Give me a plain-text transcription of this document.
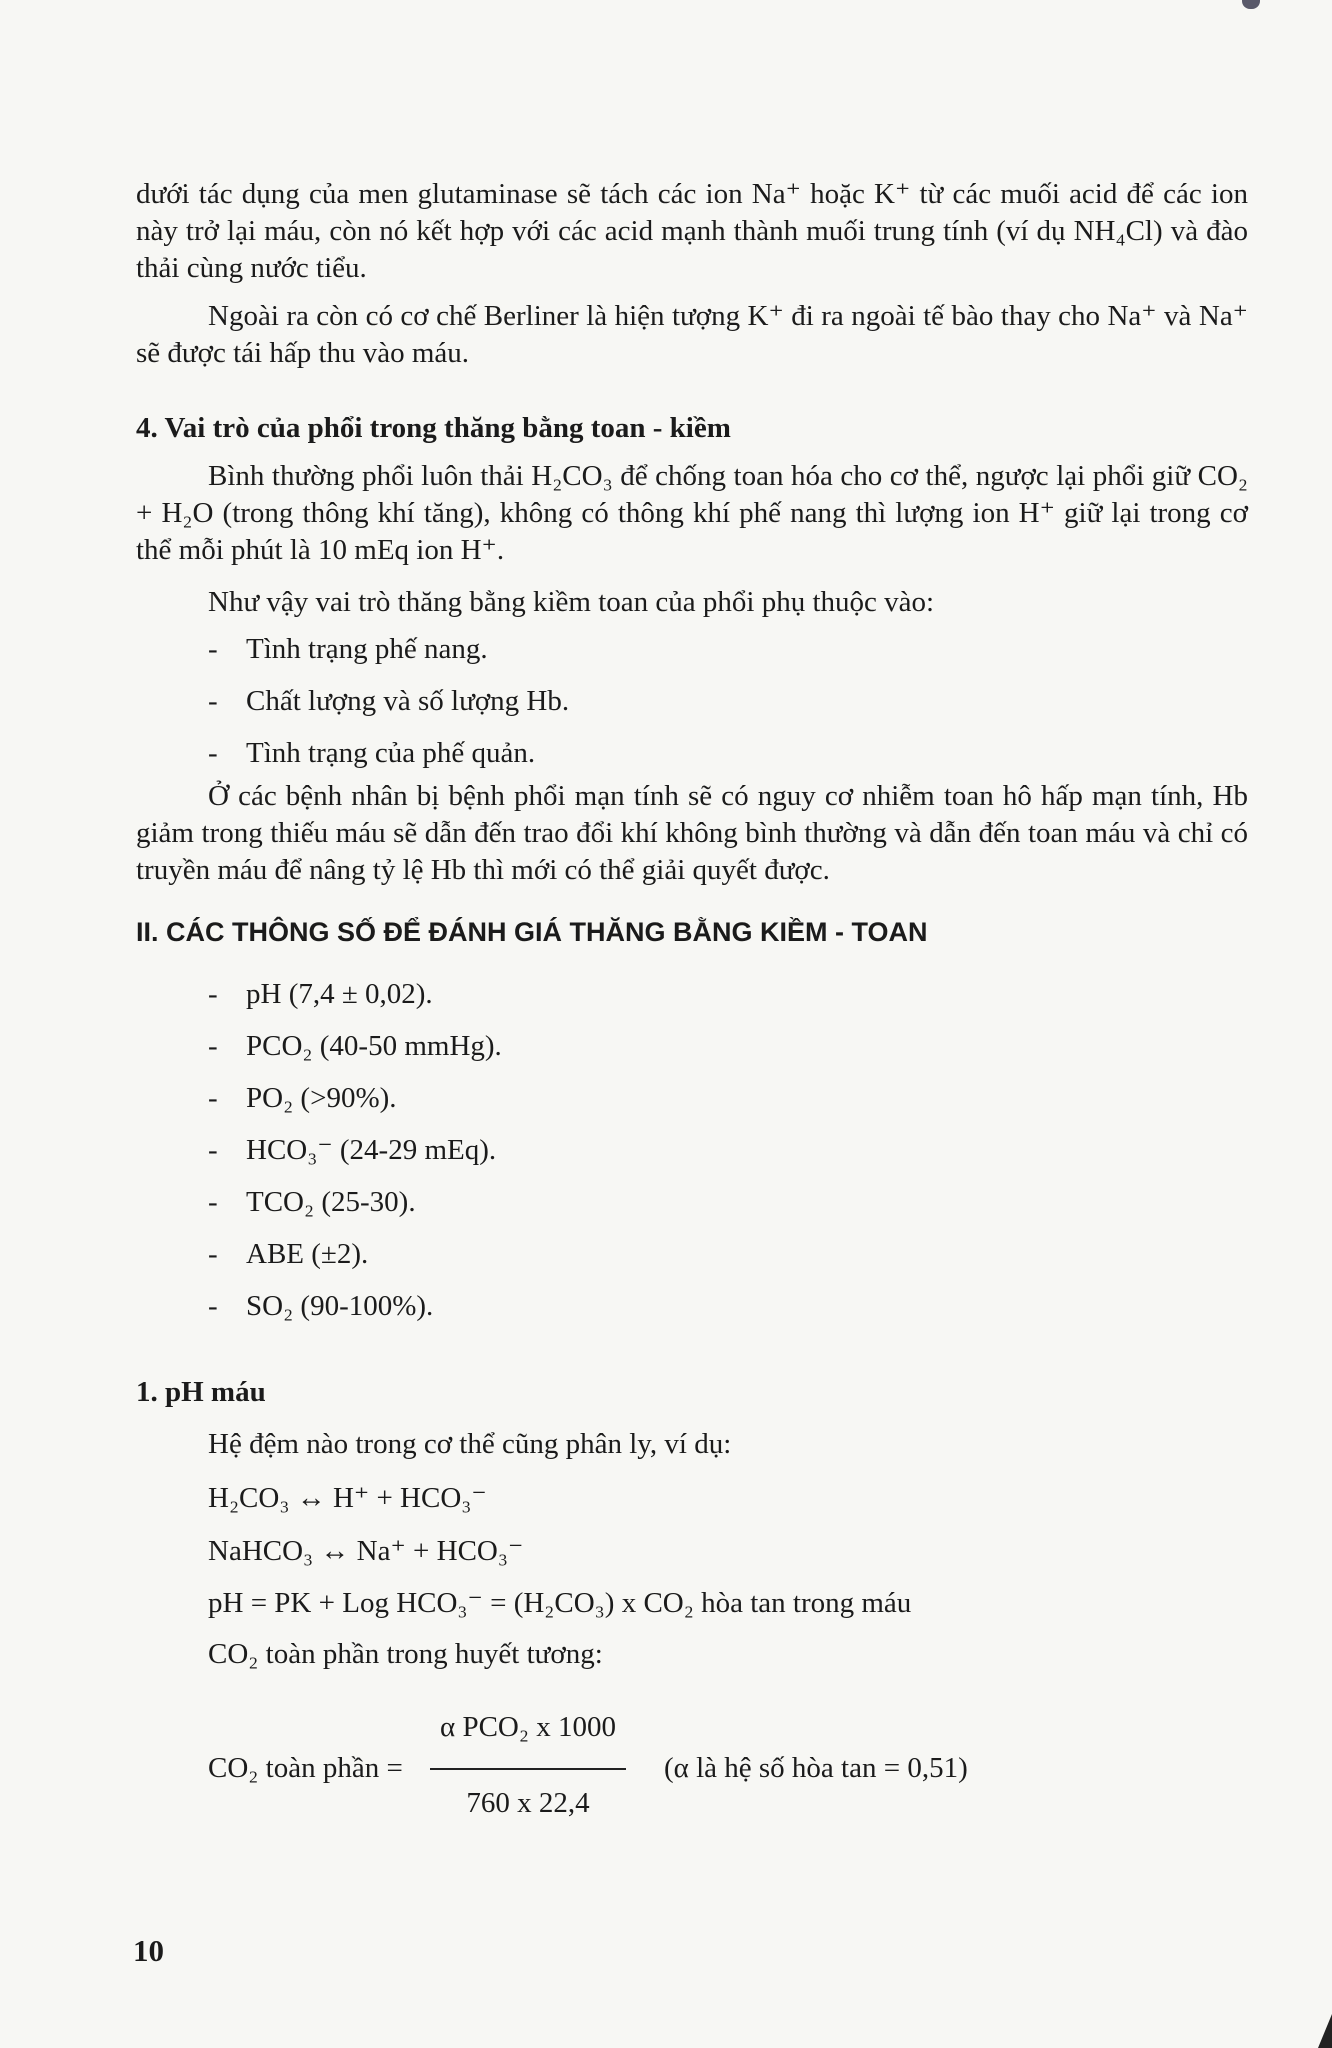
dưới tác dụng của men glutaminase sẽ tách các ion Na⁺ hoặc K⁺ từ các muối acid để các ion này trở lại máu, còn nó kết hợp với các acid mạnh thành muối trung tính (ví dụ NH₄Cl) và đào thải cùng nước tiểu.

Ngoài ra còn có cơ chế Berliner là hiện tượng K⁺ đi ra ngoài tế bào thay cho Na⁺ và Na⁺ sẽ được tái hấp thu vào máu.

4. Vai trò của phổi trong thăng bằng toan - kiềm

Bình thường phổi luôn thải H₂CO₃ để chống toan hóa cho cơ thể, ngược lại phổi giữ CO₂ + H₂O (trong thông khí tăng), không có thông khí phế nang thì lượng ion H⁺ giữ lại trong cơ thể mỗi phút là 10 mEq ion H⁺.

Như vậy vai trò thăng bằng kiềm toan của phổi phụ thuộc vào:
- Tình trạng phế nang.
- Chất lượng và số lượng Hb.
- Tình trạng của phế quản.

Ở các bệnh nhân bị bệnh phổi mạn tính sẽ có nguy cơ nhiễm toan hô hấp mạn tính, Hb giảm trong thiếu máu sẽ dẫn đến trao đổi khí không bình thường và dẫn đến toan máu và chỉ có truyền máu để nâng tỷ lệ Hb thì mới có thể giải quyết được.

II. CÁC THÔNG SỐ ĐỂ ĐÁNH GIÁ THĂNG BẰNG KIỀM - TOAN
- pH (7,4 ± 0,02).
- PCO₂ (40-50 mmHg).
- PO₂ (>90%).
- HCO₃⁻ (24-29 mEq).
- TCO₂ (25-30).
- ABE (±2).
- SO₂ (90-100%).
1. pH máu
Hệ đệm nào trong cơ thể cũng phân ly, ví dụ:
H₂CO₃ ↔ H⁺ + HCO₃⁻
NaHCO₃ ↔ Na⁺ + HCO₃⁻
pH = PK + Log HCO₃⁻ = (H₂CO₃) x CO₂ hòa tan trong máu
CO₂ toàn phần trong huyết tương:
CO₂ toàn phần =
α PCO₂ x 1000
760 x 22,4
(α là hệ số hòa tan = 0,51)
10
